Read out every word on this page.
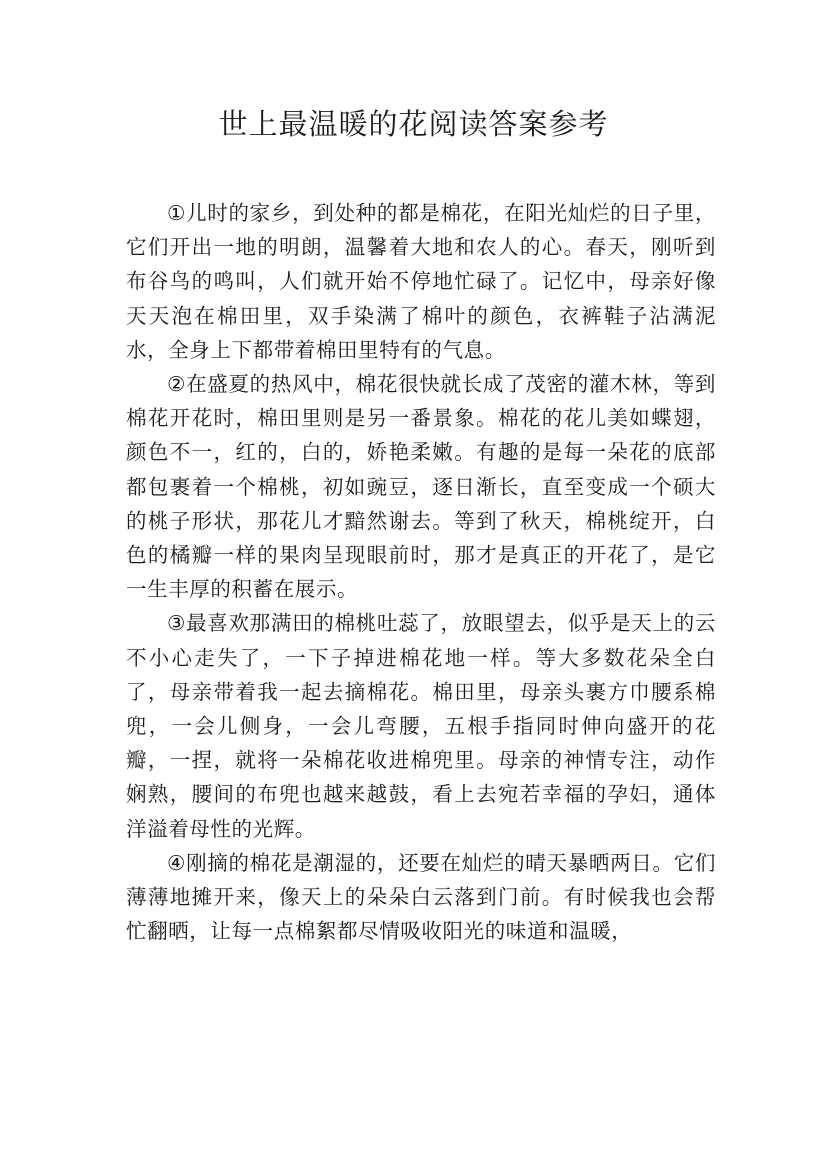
世上最温暖的花阅读答案参考

①儿时的家乡，到处种的都是棉花，在阳光灿烂的日子里，它们开出一地的明朗，温馨着大地和农人的心。春天，刚听到布谷鸟的鸣叫，人们就开始不停地忙碌了。记忆中，母亲好像天天泡在棉田里，双手染满了棉叶的颜色，衣裤鞋子沾满泥水，全身上下都带着棉田里特有的气息。

②在盛夏的热风中，棉花很快就长成了茂密的灌木林，等到棉花开花时，棉田里则是另一番景象。棉花的花儿美如蝶翅，颜色不一，红的，白的，娇艳柔嫩。有趣的是每一朵花的底部都包裹着一个棉桃，初如豌豆，逐日渐长，直至变成一个硕大的桃子形状，那花儿才黯然谢去。等到了秋天，棉桃绽开，白色的橘瓣一样的果肉呈现眼前时，那才是真正的开花了，是它一生丰厚的积蓄在展示。

③最喜欢那满田的棉桃吐蕊了，放眼望去，似乎是天上的云不小心走失了，一下子掉进棉花地一样。等大多数花朵全白了，母亲带着我一起去摘棉花。棉田里，母亲头裹方巾腰系棉兜，一会儿侧身，一会儿弯腰，五根手指同时伸向盛开的花瓣，一捏，就将一朵棉花收进棉兜里。母亲的神情专注，动作娴熟，腰间的布兜也越来越鼓，看上去宛若幸福的孕妇，通体洋溢着母性的光辉。

④刚摘的棉花是潮湿的，还要在灿烂的晴天暴晒两日。它们薄薄地摊开来，像天上的朵朵白云落到门前。有时候我也会帮忙翻晒，让每一点棉絮都尽情吸收阳光的味道和温暖，
